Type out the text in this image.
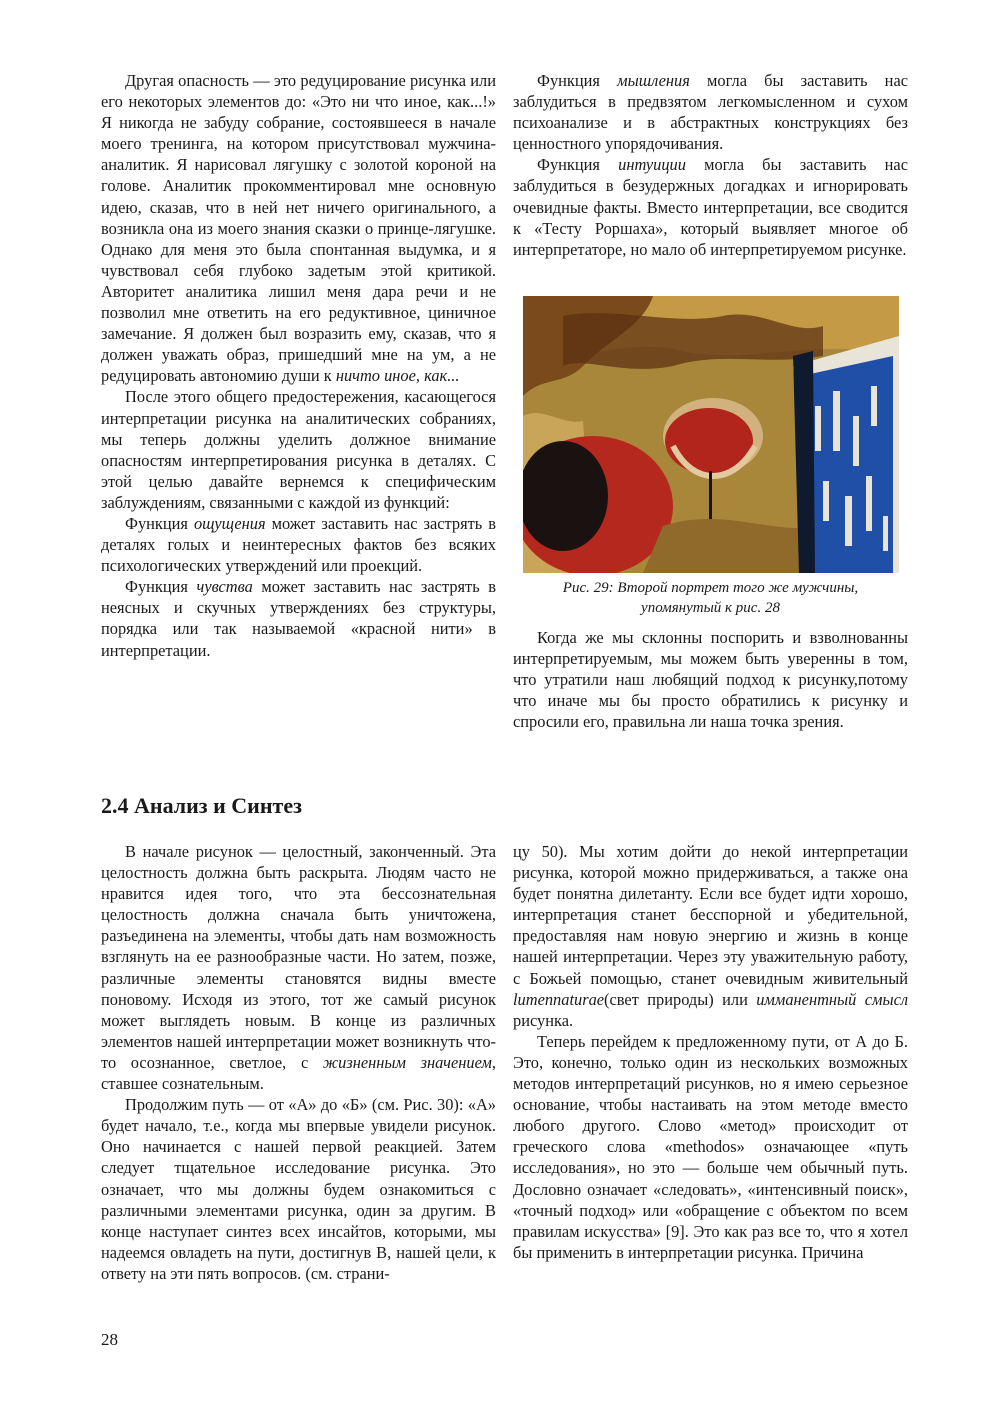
Другая опасность — это редуцирование рисунка или его некоторых элементов до: «Это ни что иное, как...!» Я никогда не забуду собрание, состоявшееся в начале моего тренинга, на котором присутствовал мужчина-аналитик. Я нарисовал лягушку с золотой короной на голове. Аналитик прокомментировал мне основную идею, сказав, что в ней нет ничего оригинального, а возникла она из моего знания сказки о принце-лягушке. Однако для меня это была спонтанная выдумка, и я чувствовал себя глубоко задетым этой критикой. Авторитет аналитика лишил меня дара речи и не позволил мне ответить на его редуктивное, циничное замечание. Я должен был возразить ему, сказав, что я должен уважать образ, пришедший мне на ум, а не редуцировать автономию души к ничто иное, как...

После этого общего предостережения, касающегося интерпретации рисунка на аналитических собраниях, мы теперь должны уделить должное внимание опасностям интерпретирования рисунка в деталях. С этой целью давайте вернемся к специфическим заблуждениям, связанными с каждой из функций:

Функция ощущения может заставить нас застрять в деталях голых и неинтересных фактов без всяких психологических утверждений или проекций.

Функция чувства может заставить нас застрять в неясных и скучных утверждениях без структуры, порядка или так называемой «красной нити» в интерпретации.

Функция мышления могла бы заставить нас заблудиться в предвзятом легкомысленном и сухом психоанализе и в абстрактных конструкциях без ценностного упорядочивания.

Функция интуиции могла бы заставить нас заблудиться в безудержных догадках и игнорировать очевидные факты. Вместо интерпретации, все сводится к «Тесту Роршаха», который выявляет многое об интерпретаторе, но мало об интерпретируемом рисунке.

Рис. 29: Второй портрет того же мужчины,
упомянутый к рис. 28

Когда же мы склонны поспорить и взволнованны интерпретируемым, мы можем быть уверенны в том, что утратили наш любящий подход к рисунку,потому что иначе мы бы просто обратились к рисунку и спросили его, правильна ли наша точка зрения.

2.4 Анализ и Синтез

В начале рисунок — целостный, законченный. Эта целостность должна быть раскрыта. Людям часто не нравится идея того, что эта бессознательная целостность должна сначала быть уничтожена, разъединена на элементы, чтобы дать нам возможность взглянуть на ее разнообразные части. Но затем, позже, различные элементы становятся видны вместе поновому. Исходя из этого, тот же самый рисунок может выглядеть новым. В конце из различных элементов нашей интерпретации может возникнуть что-то осознанное, светлое, с жизненным значением, ставшее сознательным.

Продолжим путь — от «А» до «Б» (см. Рис. 30): «А» будет начало, т.е., когда мы впервые увидели рисунок. Оно начинается с нашей первой реакцией. Затем следует тщательное исследование рисунка. Это означает, что мы должны будем ознакомиться с различными элементами рисунка, один за другим. В конце наступает синтез всех инсайтов, которыми, мы надеемся овладеть на пути, достигнув В, нашей цели, к ответу на эти пять вопросов. (см. страни-

цу 50). Мы хотим дойти до некой интерпретации рисунка, которой можно придерживаться, а также она будет понятна дилетанту. Если все будет идти хорошо, интерпретация станет бесспорной и убедительной, предоставляя нам новую энергию и жизнь в конце нашей интерпретации. Через эту уважительную работу, с Божьей помощью, станет очевидным живительный lumennaturae(свет природы) или имманентный смысл рисунка.

Теперь перейдем к предложенному пути, от А до Б. Это, конечно, только один из нескольких возможных методов интерпретаций рисунков, но я имею серьезное основание, чтобы настаивать на этом методе вместо любого другого. Слово «метод» происходит от греческого слова «methodos» означающее «путь исследования», но это — больше чем обычный путь. Дословно означает «следовать», «интенсивный поиск», «точный подход» или «обращение с объектом по всем правилам искусства» [9]. Это как раз все то, что я хотел бы применить в интерпретации рисунка. Причина

28
